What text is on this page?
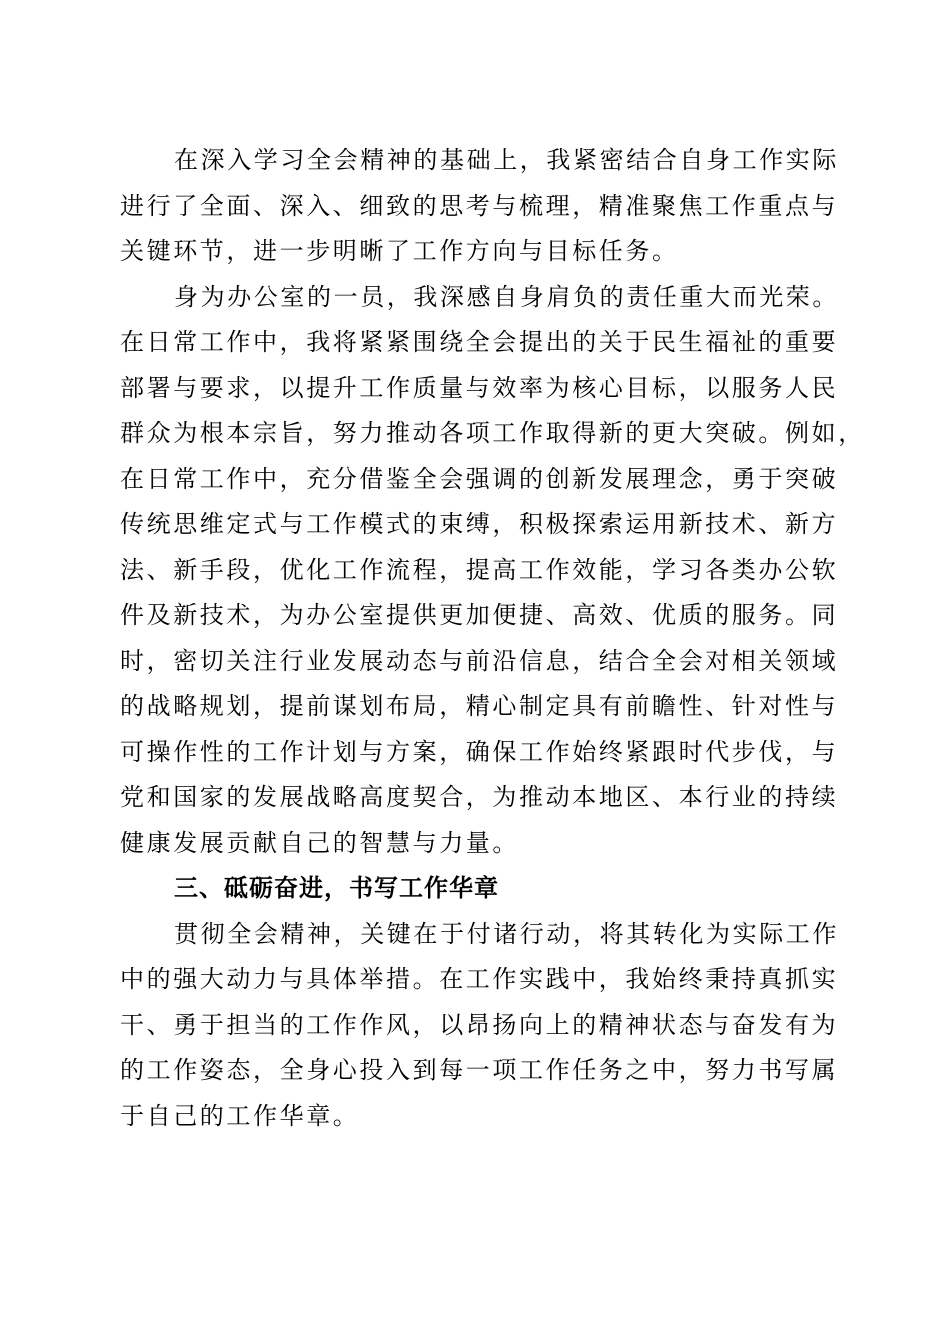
在深入学习全会精神的基础上，我紧密结合自身工作实际
进行了全面、深入、细致的思考与梳理，精准聚焦工作重点与
关键环节，进一步明晰了工作方向与目标任务。
身为办公室的一员，我深感自身肩负的责任重大而光荣。
在日常工作中，我将紧紧围绕全会提出的关于民生福祉的重要
部署与要求，以提升工作质量与效率为核心目标，以服务人民
群众为根本宗旨，努力推动各项工作取得新的更大突破。例如，
在日常工作中，充分借鉴全会强调的创新发展理念，勇于突破
传统思维定式与工作模式的束缚，积极探索运用新技术、新方
法、新手段，优化工作流程，提高工作效能，学习各类办公软
件及新技术，为办公室提供更加便捷、高效、优质的服务。同
时，密切关注行业发展动态与前沿信息，结合全会对相关领域
的战略规划，提前谋划布局，精心制定具有前瞻性、针对性与
可操作性的工作计划与方案，确保工作始终紧跟时代步伐，与
党和国家的发展战略高度契合，为推动本地区、本行业的持续
健康发展贡献自己的智慧与力量。
三、砥砺奋进，书写工作华章
贯彻全会精神，关键在于付诸行动，将其转化为实际工作
中的强大动力与具体举措。在工作实践中，我始终秉持真抓实
干、勇于担当的工作作风，以昂扬向上的精神状态与奋发有为
的工作姿态，全身心投入到每一项工作任务之中，努力书写属
于自己的工作华章。
